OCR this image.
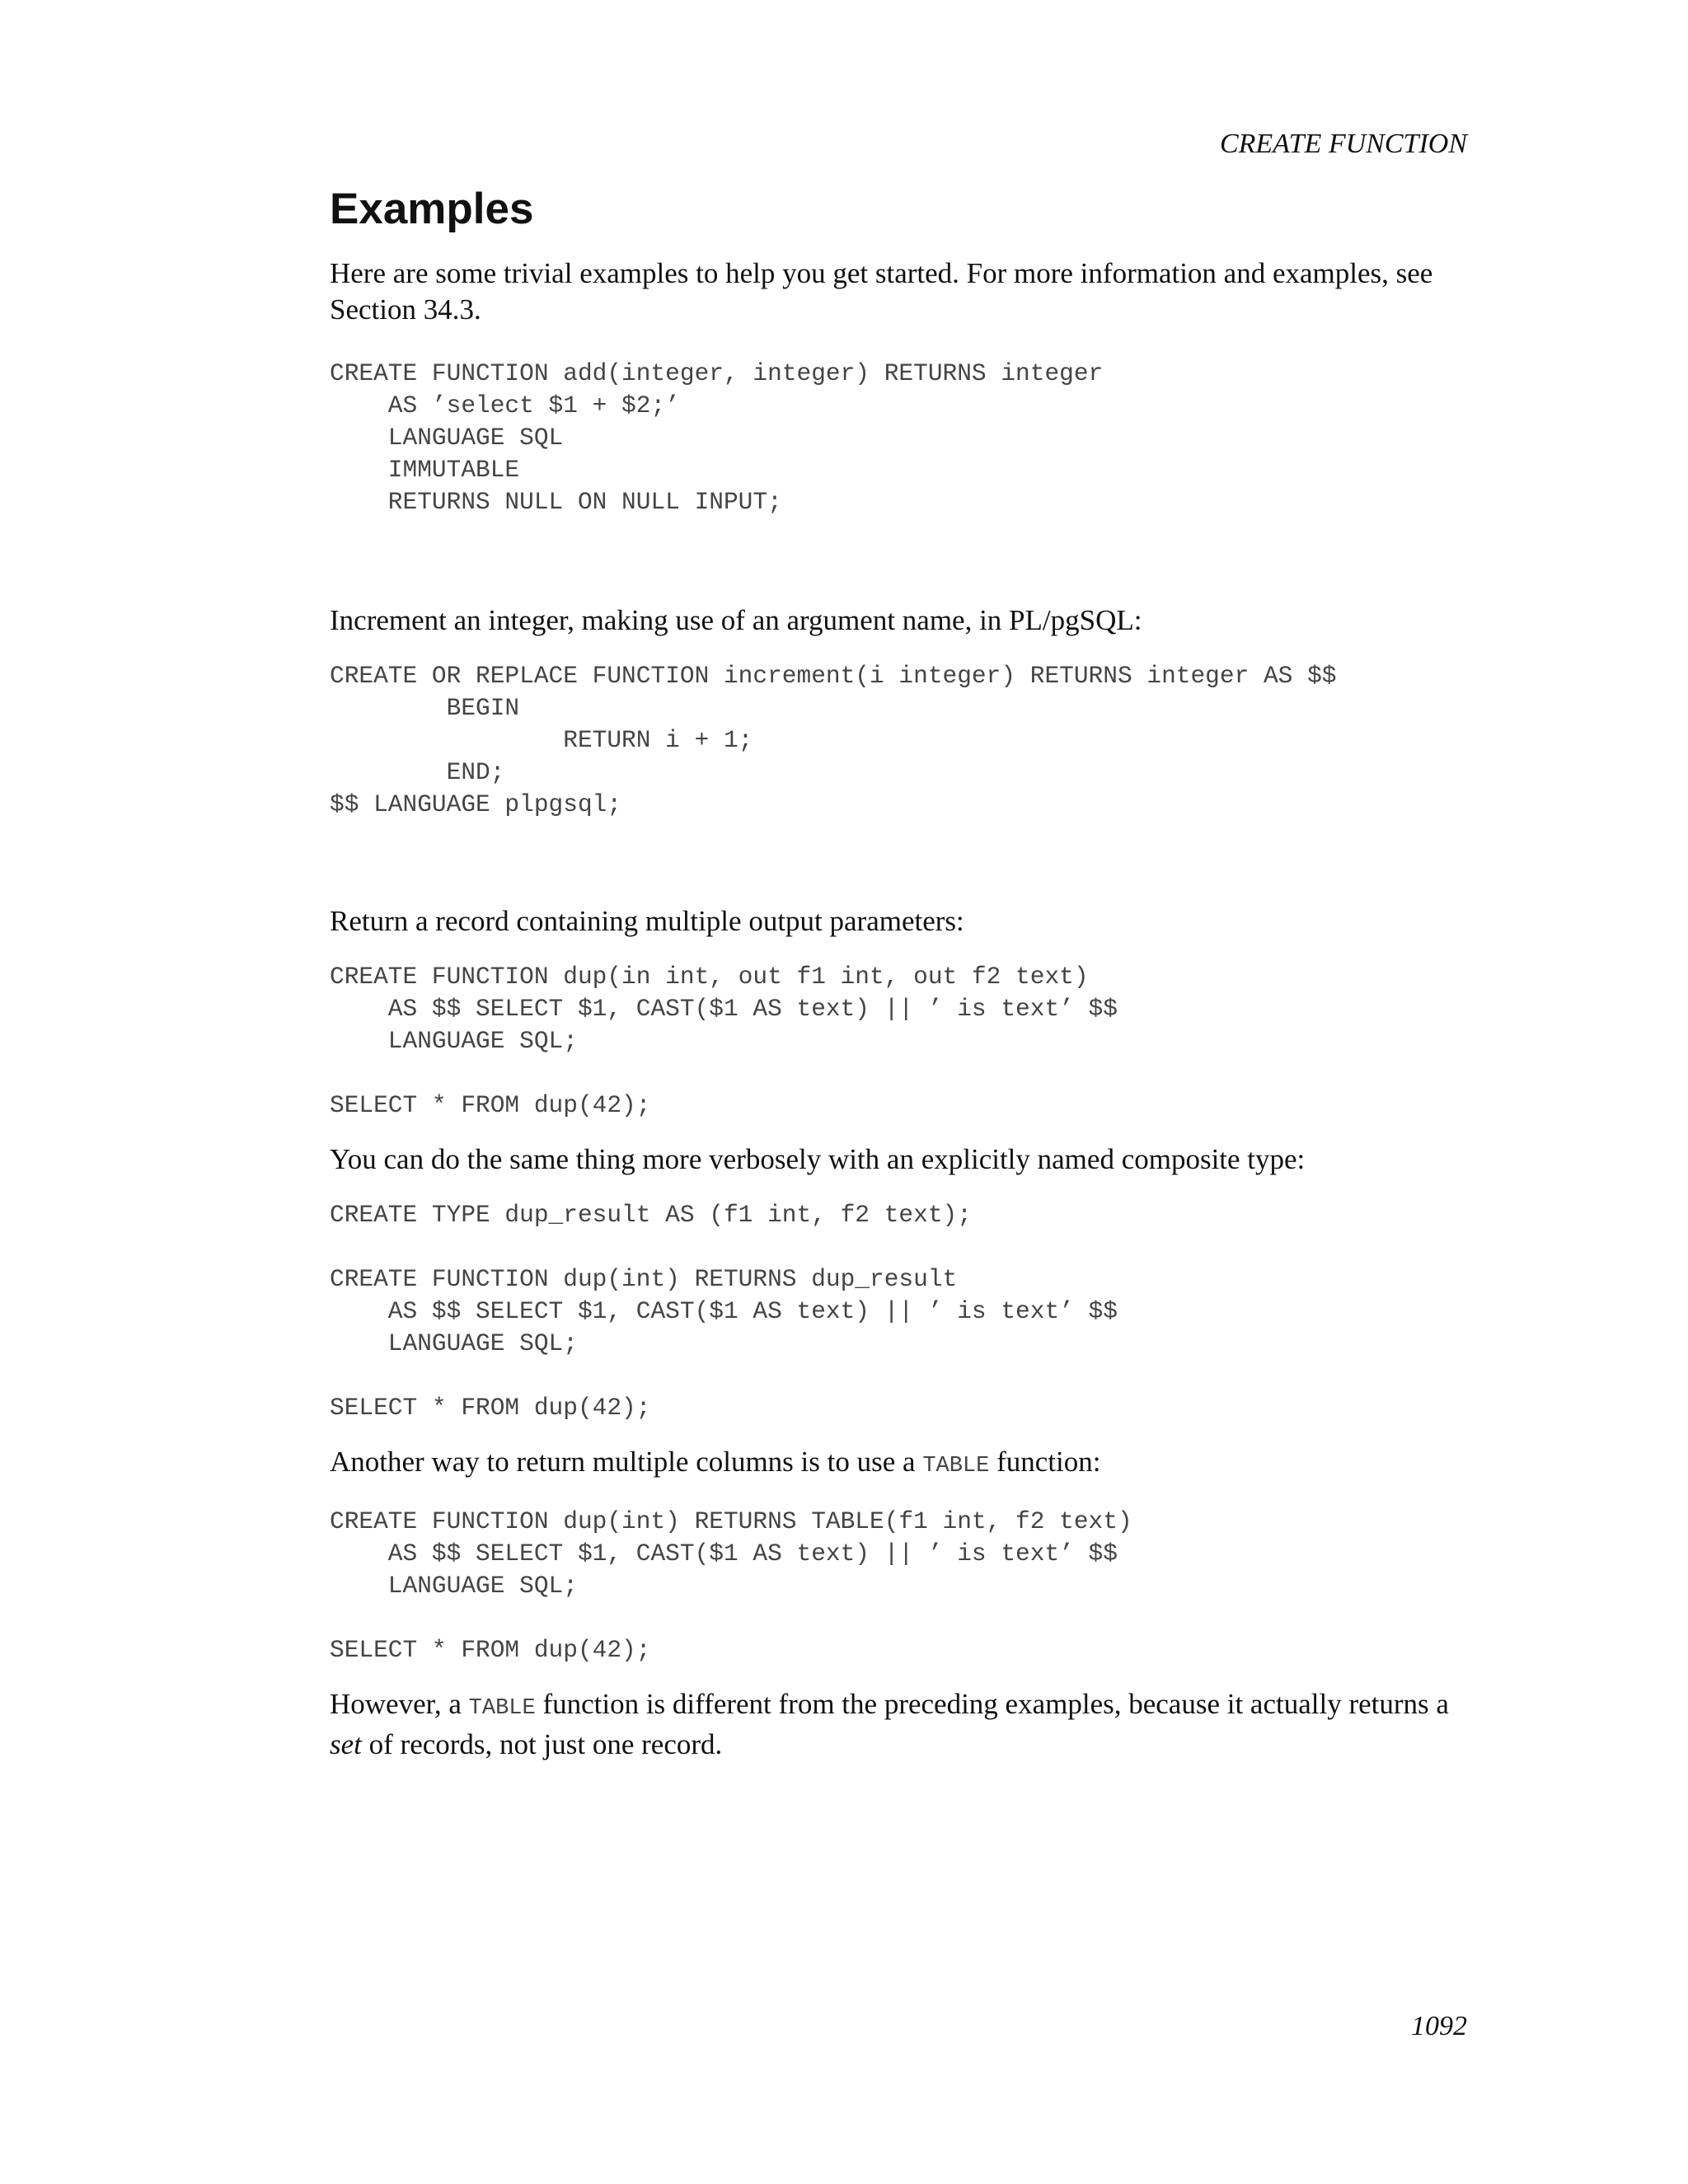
CREATE FUNCTION
Examples

Here are some trivial examples to help you get started. For more information and examples, see Section 34.3.

CREATE FUNCTION add(integer, integer) RETURNS integer
AS ’select $1 + $2;’
LANGUAGE SQL
IMMUTABLE
RETURNS NULL ON NULL INPUT;

Increment an integer, making use of an argument name, in PL/pgSQL:

CREATE OR REPLACE FUNCTION increment(i integer) RETURNS integer AS $$
BEGIN
RETURN i + 1;
END;
$$ LANGUAGE plpgsql;

Return a record containing multiple output parameters:

CREATE FUNCTION dup(in int, out f1 int, out f2 text)
AS $$ SELECT $1, CAST($1 AS text) || ’ is text’ $$
LANGUAGE SQL;

SELECT * FROM dup(42);

You can do the same thing more verbosely with an explicitly named composite type:

CREATE TYPE dup_result AS (f1 int, f2 text);

CREATE FUNCTION dup(int) RETURNS dup_result
AS $$ SELECT $1, CAST($1 AS text) || ’ is text’ $$
LANGUAGE SQL;

SELECT * FROM dup(42);

Another way to return multiple columns is to use a TABLE function:

CREATE FUNCTION dup(int) RETURNS TABLE(f1 int, f2 text)
AS $$ SELECT $1, CAST($1 AS text) || ’ is text’ $$
LANGUAGE SQL;

SELECT * FROM dup(42);

However, a TABLE function is different from the preceding examples, because it actually returns a set of records, not just one record.

1092
